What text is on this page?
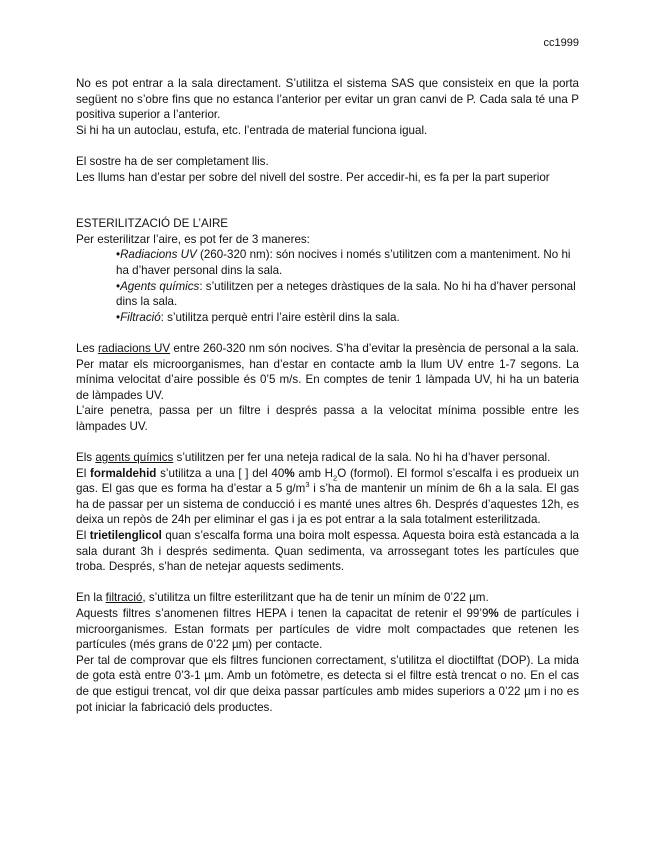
cc1999

No es pot entrar a la sala directament. S’utilitza el sistema SAS que consisteix en que la porta següent no s’obre fins que no estanca l’anterior per evitar un gran canvi de P. Cada sala té una P positiva superior a l’anterior.

Si hi ha un autoclau, estufa, etc. l’entrada de material funciona igual.

El sostre ha de ser completament llis.

Les llums han d’estar per sobre del nivell del sostre. Per accedir-hi, es fa per la part superior

ESTERILITZACIÓ DE L’AIRE

Per esterilitzar l’aire, es pot fer de 3 maneres:

•Radiacions UV (260-320 nm): són nocives i només s’utilitzen com a manteniment. No hi ha d’haver personal dins la sala.

•Agents químics: s’utilitzen per a neteges dràstiques de la sala. No hi ha d’haver personal dins la sala.

•Filtració: s’utilitza perquè entri l’aire estèril dins la sala.

Les radiacions UV entre 260-320 nm són nocives. S’ha d’evitar la presència de personal a la sala. Per matar els microorganismes, han d’estar en contacte amb la llum UV entre 1-7 segons. La mínima velocitat d’aire possible és 0’5 m/s. En comptes de tenir 1 làmpada UV, hi ha un bateria de làmpades UV.

L’aire penetra, passa per un filtre i després passa a la velocitat mínima possible entre les làmpades UV.

Els agents químics s’utilitzen per fer una neteja radical de la sala. No hi ha d’haver personal.

El formaldehid s’utilitza a una [ ] del 40% amb $H_2O$ (formol). El formol s’escalfa i es produeix un gas. El gas que es forma ha d’estar a 5 $g/m^3$ i s’ha de mantenir un mínim de 6h a la sala. El gas ha de passar per un sistema de conducció i es manté unes altres 6h. Després d’aquestes 12h, es deixa un repòs de 24h per eliminar el gas i ja es pot entrar a la sala totalment esterilitzada.

El trietilenglicol quan s’escalfa forma una boira molt espessa. Aquesta boira està estancada a la sala durant 3h i després sedimenta. Quan sedimenta, va arrossegant totes les partícules que troba. Després, s’han de netejar aquests sediments.

En la filtració, s’utilitza un filtre esterilitzant que ha de tenir un mínim de 0’22 µm.

Aquests filtres s’anomenen filtres HEPA i tenen la capacitat de retenir el 99’9% de partícules i microorganismes. Estan formats per partícules de vidre molt compactades que retenen les partícules (més grans de 0’22 µm) per contacte.

Per tal de comprovar que els filtres funcionen correctament, s’utilitza el dioctilftat (DOP). La mida de gota està entre 0’3-1 µm. Amb un fotòmetre, es detecta si el filtre està trencat o no. En el cas de que estigui trencat, vol dir que deixa passar partícules amb mides superiors a 0’22 µm i no es pot iniciar la fabricació dels productes.
